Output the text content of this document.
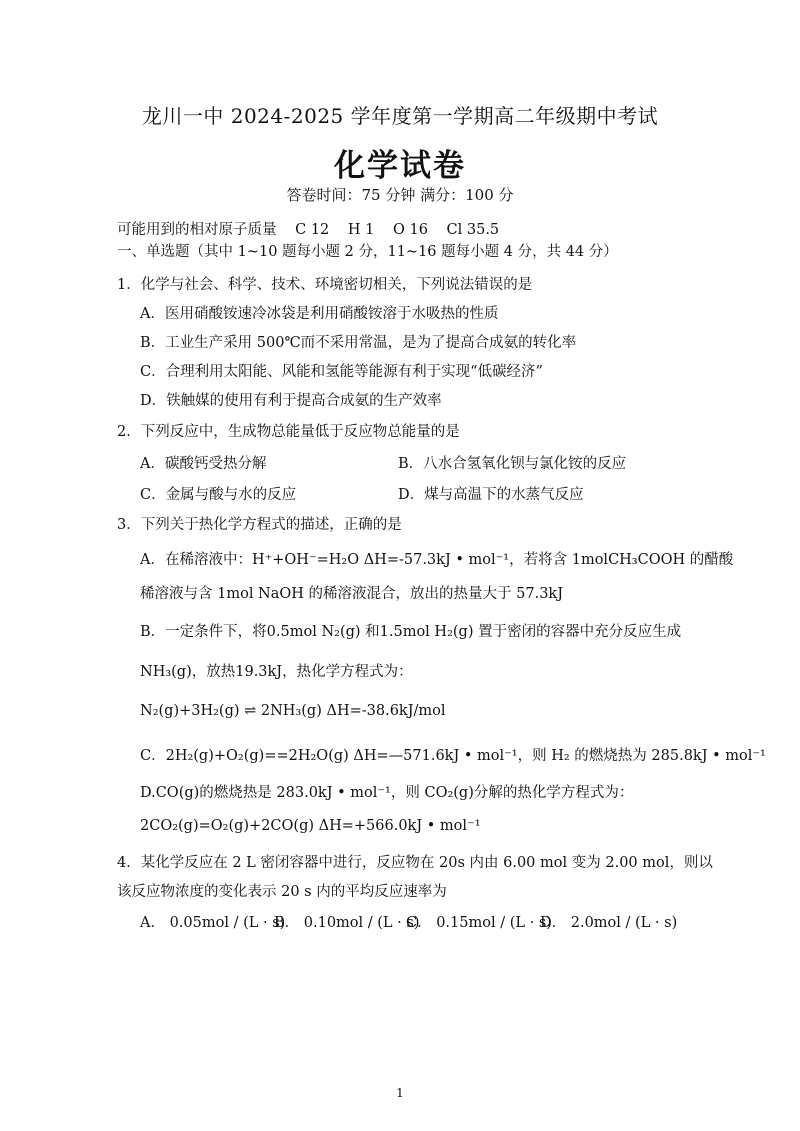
龙川一中 2024-2025 学年度第一学期高二年级期中考试
化学试卷
答卷时间：75 分钟 满分：100 分
可能用到的相对原子质量 C 12 H 1 O 16 Cl 35.5
一、单选题（其中 1~10 题每小题 2 分，11~16 题每小题 4 分，共 44 分）
1．化学与社会、科学、技术、环境密切相关，下列说法错误的是
A．医用硝酸铵速冷冰袋是利用硝酸铵溶于水吸热的性质
B．工业生产采用 500℃而不采用常温，是为了提高合成氨的转化率
C．合理利用太阳能、风能和氢能等能源有利于实现“低碳经济”
D．铁触媒的使用有利于提高合成氨的生产效率
2．下列反应中，生成物总能量低于反应物总能量的是
A．碳酸钙受热分解	B．八水合氢氧化钡与氯化铵的反应
C．金属与酸与水的反应	D．煤与高温下的水蒸气反应
3．下列关于热化学方程式的描述，正确的是
A．在稀溶液中：H⁺+OH⁻=H₂O ΔH=-57.3kJ • mol⁻¹，若将含 1molCH₃COOH 的醋酸
稀溶液与含 1mol NaOH 的稀溶液混合，放出的热量大于 57.3kJ
B．一定条件下，将0.5mol N₂(g) 和1.5mol H₂(g) 置于密闭的容器中充分反应生成
NH₃(g)，放热19.3kJ，热化学方程式为：
N₂(g)+3H₂(g) ⇌ 2NH₃(g) ΔH=-38.6kJ/mol
C．2H₂(g)+O₂(g)==2H₂O(g) ΔH=—571.6kJ • mol⁻¹，则 H₂ 的燃烧热为 285.8kJ • mol⁻¹
D.CO(g)的燃烧热是 283.0kJ • mol⁻¹，则 CO₂(g)分解的热化学方程式为：
2CO₂(g)=O₂(g)+2CO(g) ΔH=+566.0kJ • mol⁻¹
4．某化学反应在 2 L 密闭容器中进行，反应物在 20s 内由 6.00 mol 变为 2.00 mol，则以
该反应物浓度的变化表示 20 s 内的平均反应速率为
A． 0.05mol / (L · s)
B． 0.10mol / (L · s)
C． 0.15mol / (L · s)
D． 2.0mol / (L · s)
1
